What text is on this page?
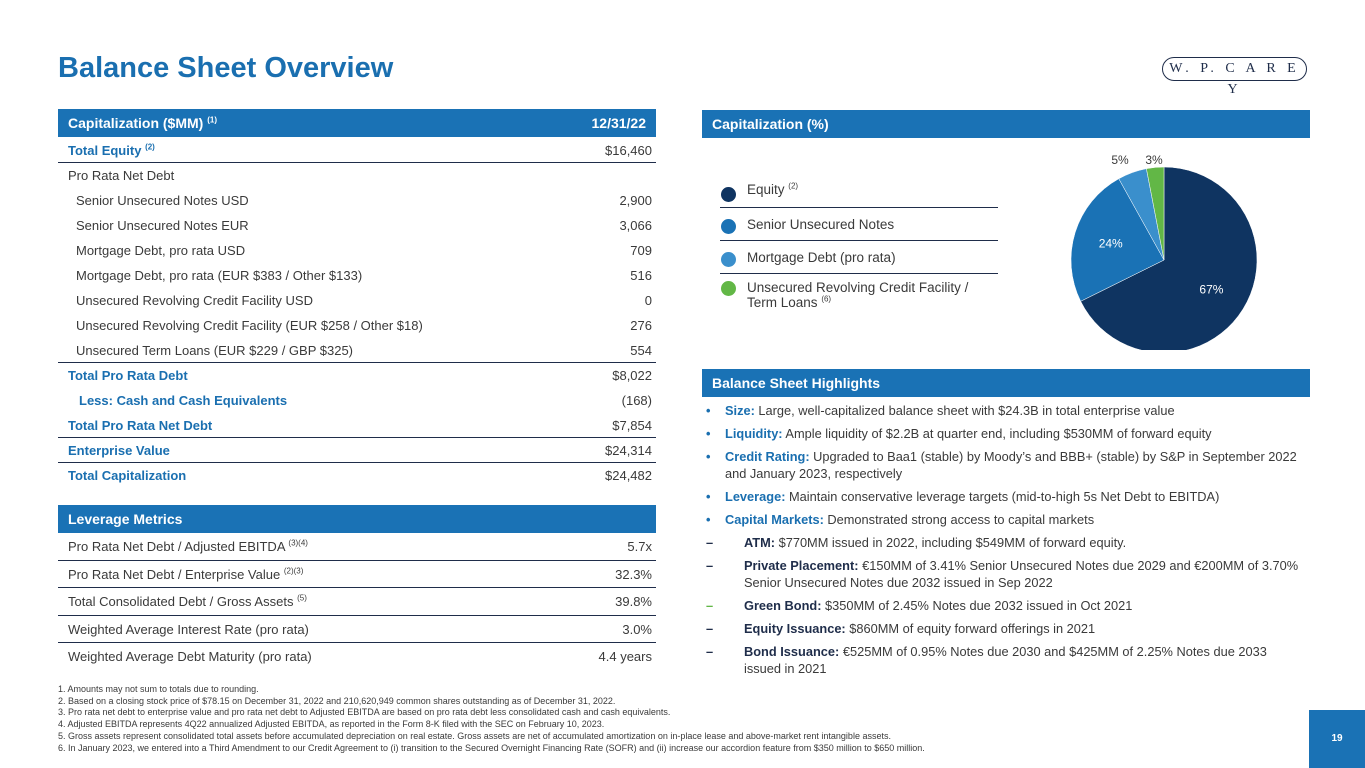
Balance Sheet Overview	W. P. C A R E Y
Capitalization ($MM) $^{(1)}$	12/31/22
Total Equity $^{(2)}$	$16,460
Pro Rata Net Debt
Senior Unsecured Notes USD	2,900
Senior Unsecured Notes EUR	3,066
Mortgage Debt, pro rata USD	709
Mortgage Debt, pro rata (EUR $383 / Other $133)	516
Unsecured Revolving Credit Facility USD	0
Unsecured Revolving Credit Facility (EUR $258 / Other $18)	276
Unsecured Term Loans (EUR $229 / GBP $325)	554
Total Pro Rata Debt	$8,022
Less: Cash and Cash Equivalents	(168)
Total Pro Rata Net Debt	$7,854
Enterprise Value	$24,314
Total Capitalization	$24,482
Leverage Metrics
Pro Rata Net Debt / Adjusted EBITDA $^{(3)(4)}$	5.7x
Pro Rata Net Debt / Enterprise Value $^{(2)(3)}$	32.3%
Total Consolidated Debt / Gross Assets $^{(5)}$	39.8%
Weighted Average Interest Rate (pro rata)	3.0%
Weighted Average Debt Maturity (pro rata)	4.4 years
Capitalization (%)
Equity $^{(2)}$
Senior Unsecured Notes
Mortgage Debt (pro rata)
Unsecured Revolving Credit Facility / Term Loans $^{(6)}$
67%
24%
5% 3%
Balance Sheet Highlights
• Size: Large, well-capitalized balance sheet with $24.3B in total enterprise value
• Liquidity: Ample liquidity of $2.2B at quarter end, including $530MM of forward equity
• Credit Rating: Upgraded to Baa1 (stable) by Moody’s and BBB+ (stable) by S&P in September 2022 and January 2023, respectively
• Leverage: Maintain conservative leverage targets (mid-to-high 5s Net Debt to EBITDA)
• Capital Markets: Demonstrated strong access to capital markets
– ATM: $770MM issued in 2022, including $549MM of forward equity.
– Private Placement: €150MM of 3.41% Senior Unsecured Notes due 2029 and €200MM of 3.70% Senior Unsecured Notes due 2032 issued in Sep 2022
– Green Bond: $350MM of 2.45% Notes due 2032 issued in Oct 2021
– Equity Issuance: $860MM of equity forward offerings in 2021
– Bond Issuance: €525MM of 0.95% Notes due 2030 and $425MM of 2.25% Notes due 2033 issued in 2021
1. Amounts may not sum to totals due to rounding.
2. Based on a closing stock price of $78.15 on December 31, 2022 and 210,620,949 common shares outstanding as of December 31, 2022.
3. Pro rata net debt to enterprise value and pro rata net debt to Adjusted EBITDA are based on pro rata debt less consolidated cash and cash equivalents.
4. Adjusted EBITDA represents 4Q22 annualized Adjusted EBITDA, as reported in the Form 8-K filed with the SEC on February 10, 2023.
5. Gross assets represent consolidated total assets before accumulated depreciation on real estate. Gross assets are net of accumulated amortization on in-place lease and above-market rent intangible assets.
6. In January 2023, we entered into a Third Amendment to our Credit Agreement to (i) transition to the Secured Overnight Financing Rate (SOFR) and (ii) increase our accordion feature from $350 million to $650 million.
19
